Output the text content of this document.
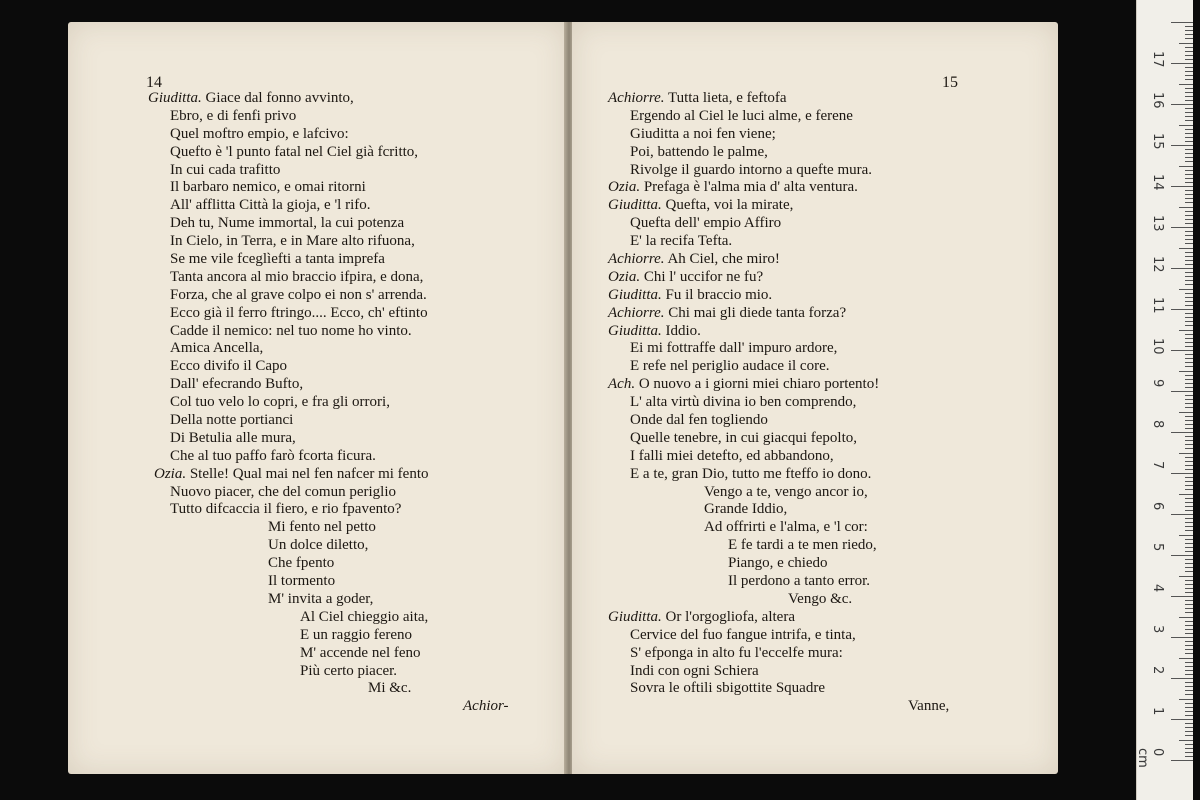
14
Giuditta. Giace dal fonno avvinto,
Ebro, e di fenfi privo
Quel moftro empio, e lafcivo:
Quefto è 'l punto fatal nel Ciel già fcritto,
In cui cada trafitto
Il barbaro nemico, e omai ritorni
All' afflitta Città la gioja, e 'l rifo.
Deh tu, Nume immortal, la cui potenza
In Cielo, in Terra, e in Mare alto rifuona,
Se me vile fceglìefti a tanta imprefa
Tanta ancora al mio braccio ifpira, e dona,
Forza, che al grave colpo ei non s' arrenda.
Ecco già il ferro ftringo.... Ecco, ch' eftinto
Cadde il nemico: nel tuo nome ho vinto.
Amica Ancella,
Ecco divifo il Capo
Dall' efecrando Bufto,
Col tuo velo lo copri, e fra gli orrori,
Della notte portianci
Di Betulia alle mura,
Che al tuo paffo farò fcorta ficura.
Ozia. Stelle! Qual mai nel fen nafcer mi fento
Nuovo piacer, che del comun periglio
Tutto difcaccia il fiero, e rio fpavento?
Mi fento nel petto
Un dolce diletto,
Che fpento
Il tormento
M' invita a goder,
Al Ciel chieggio aita,
E un raggio fereno
M' accende nel feno
Più certo piacer.
Mi &c.
Achior-
15
Achiorre. Tutta lieta, e feftofa
Ergendo al Ciel le luci alme, e ferene
Giuditta a noi fen viene;
Poi, battendo le palme,
Rivolge il guardo intorno a quefte mura.
Ozia. Prefaga è l'alma mia d' alta ventura.
Giuditta. Quefta, voi la mirate,
Quefta dell' empio Affiro
E' la recifa Tefta.
Achiorre. Ah Ciel, che miro!
Ozia. Chi l' uccifor ne fu?
Giuditta. Fu il braccio mio.
Achiorre. Chi mai gli diede tanta forza?
Giuditta. Iddio.
Ei mi fottraffe dall' impuro ardore,
E refe nel periglio audace il core.
Ach. O nuovo a i giorni miei chiaro portento!
L' alta virtù divina io ben comprendo,
Onde dal fen togliendo
Quelle tenebre, in cui giacqui fepolto,
I falli miei detefto, ed abbandono,
E a te, gran Dio, tutto me fteffo io dono.
Vengo a te, vengo ancor io,
Grande Iddio,
Ad offrirti e l'alma, e 'l cor:
E fe tardi a te men riedo,
Piango, e chiedo
Il perdono a tanto error.
Vengo &c.
Giuditta. Or l'orgogliofa, altera
Cervice del fuo fangue intrifa, e tinta,
S' efponga in alto fu l'eccelfe mura:
Indi con ogni Schiera
Sovra le oftili sbigottite Squadre
Vanne,
0 cm
1
2
3
4
5
6
7
8
9
10
11
12
13
14
15
16
17
